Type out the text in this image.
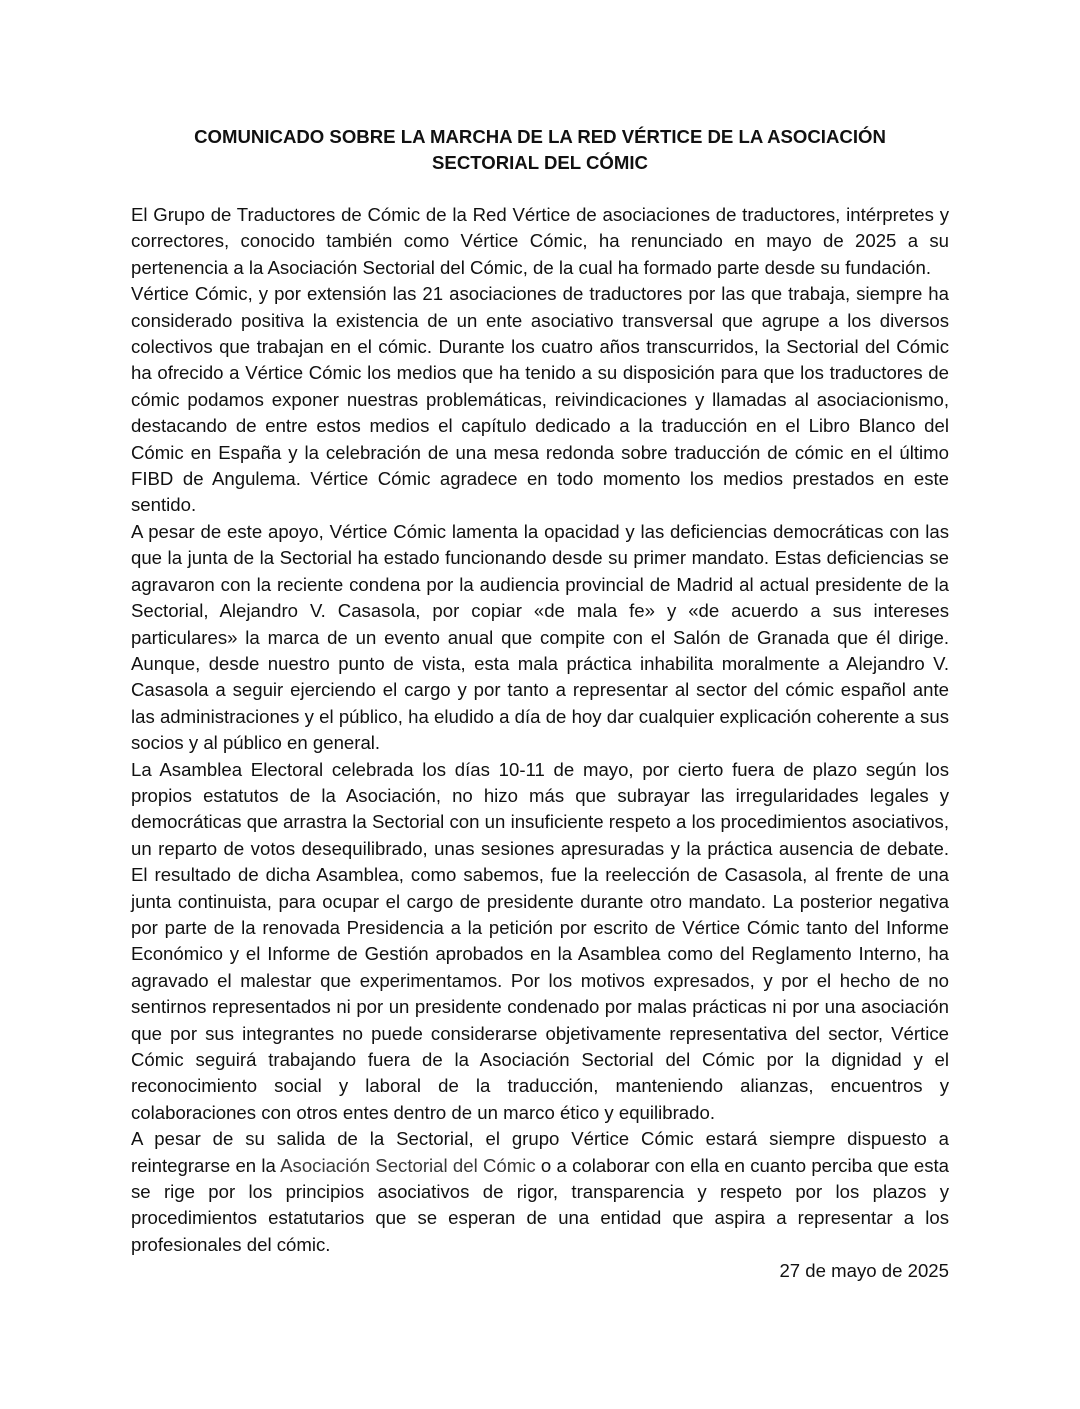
COMUNICADO SOBRE LA MARCHA DE LA RED VÉRTICE DE LA ASOCIACIÓN
SECTORIAL DEL CÓMIC

El Grupo de Traductores de Cómic de la Red Vértice de asociaciones de traductores, intérpretes y correctores, conocido también como Vértice Cómic, ha renunciado en mayo de 2025 a su pertenencia a la Asociación Sectorial del Cómic, de la cual ha formado parte desde su fundación.

Vértice Cómic, y por extensión las 21 asociaciones de traductores por las que trabaja, siempre ha considerado positiva la existencia de un ente asociativo transversal que agrupe a los diversos colectivos que trabajan en el cómic. Durante los cuatro años transcurridos, la Sectorial del Cómic ha ofrecido a Vértice Cómic los medios que ha tenido a su disposición para que los traductores de cómic podamos exponer nuestras problemáticas, reivindicaciones y llamadas al asociacionismo, destacando de entre estos medios el capítulo dedicado a la traducción en el Libro Blanco del Cómic en España y la celebración de una mesa redonda sobre traducción de cómic en el último FIBD de Angulema. Vértice Cómic agradece en todo momento los medios prestados en este sentido.

A pesar de este apoyo, Vértice Cómic lamenta la opacidad y las deficiencias democráticas con las que la junta de la Sectorial ha estado funcionando desde su primer mandato. Estas deficiencias se agravaron con la reciente condena por la audiencia provincial de Madrid al actual presidente de la Sectorial, Alejandro V. Casasola, por copiar «de mala fe» y «de acuerdo a sus intereses particulares» la marca de un evento anual que compite con el Salón de Granada que él dirige. Aunque, desde nuestro punto de vista, esta mala práctica inhabilita moralmente a Alejandro V. Casasola a seguir ejerciendo el cargo y por tanto a representar al sector del cómic español ante las administraciones y el público, ha eludido a día de hoy dar cualquier explicación coherente a sus socios y al público en general.

La Asamblea Electoral celebrada los días 10-11 de mayo, por cierto fuera de plazo según los propios estatutos de la Asociación, no hizo más que subrayar las irregularidades legales y democráticas que arrastra la Sectorial con un insuficiente respeto a los procedimientos asociativos, un reparto de votos desequilibrado, unas sesiones apresuradas y la práctica ausencia de debate. El resultado de dicha Asamblea, como sabemos, fue la reelección de Casasola, al frente de una junta continuista, para ocupar el cargo de presidente durante otro mandato. La posterior negativa por parte de la renovada Presidencia a la petición por escrito de Vértice Cómic tanto del Informe Económico y el Informe de Gestión aprobados en la Asamblea como del Reglamento Interno, ha agravado el malestar que experimentamos. Por los motivos expresados, y por el hecho de no sentirnos representados ni por un presidente condenado por malas prácticas ni por una asociación que por sus integrantes no puede considerarse objetivamente representativa del sector, Vértice Cómic seguirá trabajando fuera de la Asociación Sectorial del Cómic por la dignidad y el reconocimiento social y laboral de la traducción, manteniendo alianzas, encuentros y colaboraciones con otros entes dentro de un marco ético y equilibrado.

A pesar de su salida de la Sectorial, el grupo Vértice Cómic estará siempre dispuesto a reintegrarse en la Asociación Sectorial del Cómic o a colaborar con ella en cuanto perciba que esta se rige por los principios asociativos de rigor, transparencia y respeto por los plazos y procedimientos estatutarios que se esperan de una entidad que aspira a representar a los profesionales del cómic.

27 de mayo de 2025
